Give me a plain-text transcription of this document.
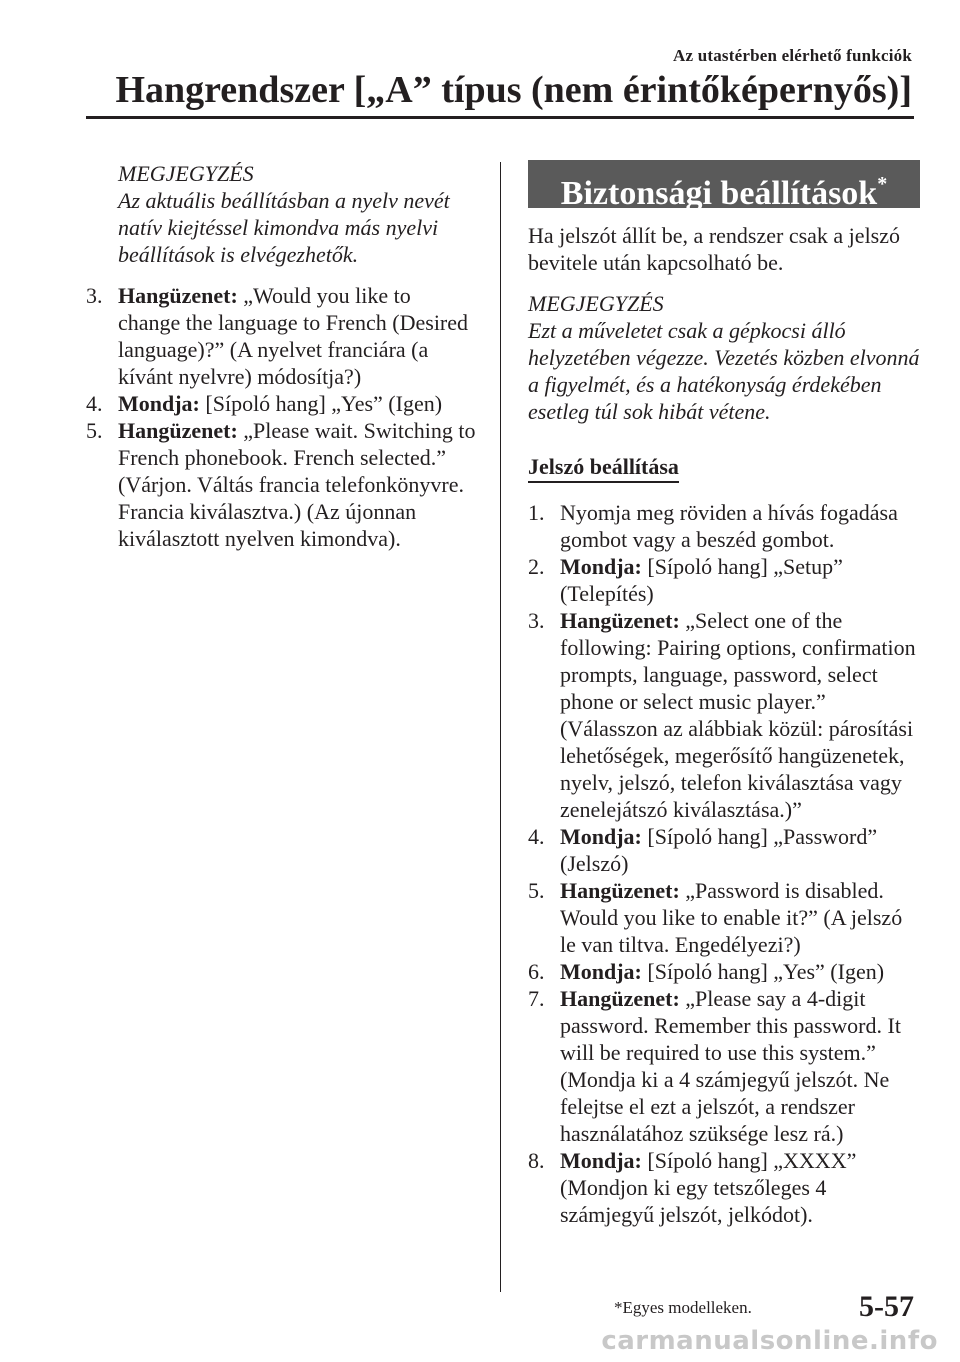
Az utastérben elérhető funkciók
Hangrendszer [„A” típus (nem érintőképernyős)]
MEGJEGYZÉS
Az aktuális beállításban a nyelv nevét natív kiejtéssel kimondva más nyelvi beállítások is elvégezhetők.
3. Hangüzenet: „Would you like to change the language to French (Desired language)?” (A nyelvet franciára (a kívánt nyelvre) módosítja?)
4. Mondja: [Sípoló hang] „Yes” (Igen)
5. Hangüzenet: „Please wait. Switching to French phonebook. French selected.” (Várjon. Váltás francia telefonkönyvre. Francia kiválasztva.) (Az újonnan kiválasztott nyelven kimondva).
Biztonsági beállítások*
Ha jelszót állít be, a rendszer csak a jelszó bevitele után kapcsolható be.
MEGJEGYZÉS
Ezt a műveletet csak a gépkocsi álló helyzetében végezze. Vezetés közben elvonná a figyelmét, és a hatékonyság érdekében esetleg túl sok hibát vétene.
Jelszó beállítása
1. Nyomja meg röviden a hívás fogadása gombot vagy a beszéd gombot.
2. Mondja: [Sípoló hang] „Setup” (Telepítés)
3. Hangüzenet: „Select one of the following: Pairing options, confirmation prompts, language, password, select phone or select music player.” (Válasszon az alábbiak közül: párosítási lehetőségek, megerősítő hangüzenetek, nyelv, jelszó, telefon kiválasztása vagy zenelejátszó kiválasztása.)”
4. Mondja: [Sípoló hang] „Password” (Jelszó)
5. Hangüzenet: „Password is disabled. Would you like to enable it?” (A jelszó le van tiltva. Engedélyezi?)
6. Mondja: [Sípoló hang] „Yes” (Igen)
7. Hangüzenet: „Please say a 4-digit password. Remember this password. It will be required to use this system.” (Mondja ki a 4 számjegyű jelszót. Ne felejtse el ezt a jelszót, a rendszer használatához szüksége lesz rá.)
8. Mondja: [Sípoló hang] „XXXX” (Mondjon ki egy tetszőleges 4 számjegyű jelszót, jelkódot).
*Egyes modelleken.	5-57
carmanualsonline.info
